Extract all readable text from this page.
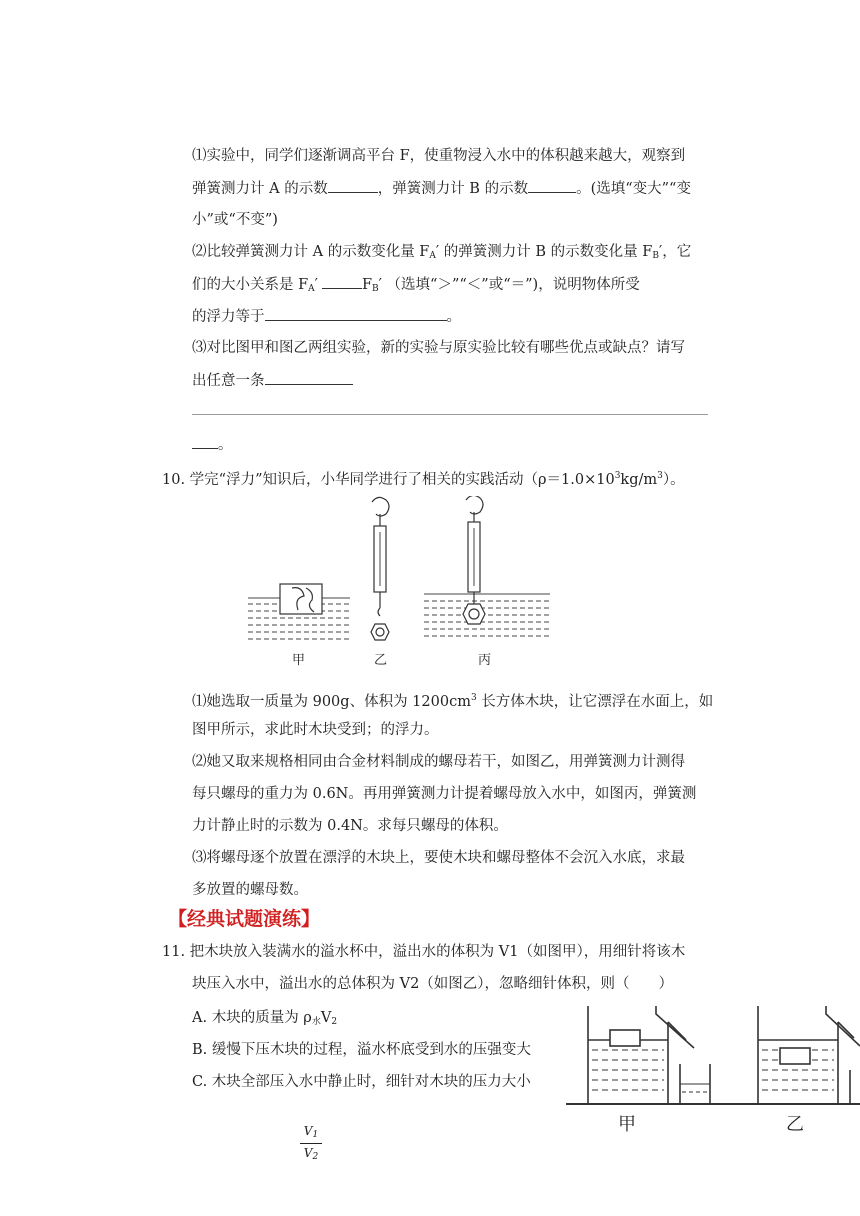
⑴实验中，同学们逐渐调高平台 F，使重物浸入水中的体积越来越大，观察到
弹簧测力计 A 的示数	，弹簧测力计 B 的示数	。(选填“变大”“变
小”或“不变”)
⑵比较弹簧测力计 A 的示数变化量 $F_A'$ 的弹簧测力计 B 的示数变化量 $F_B'$，它
们的大小关系是 $F_A'$	$F_B'$ （选填“＞”“＜”或“＝”)，说明物体所受
的浮力等于	。
⑶对比图甲和图乙两组实验，新的实验与原实验比较有哪些优点或缺点？请写
出任意一条
。
10. 学完“浮力”知识后，小华同学进行了相关的实践活动$(\rho=1.0\times 10^3kg/m^3)$。
甲	乙	丙
⑴她选取一质量为 900g、体积为 $1200cm^3$ 长方体木块，让它漂浮在水面上，如
图甲所示，求此时木块受到；的浮力。
⑵她又取来规格相同由合金材料制成的螺母若干，如图乙，用弹簧测力计测得
每只螺母的重力为 0.6N。再用弹簧测力计提着螺母放入水中，如图丙，弹簧测
力计静止时的示数为 0.4N。求每只螺母的体积。
⑶将螺母逐个放置在漂浮的木块上，要使木块和螺母整体不会沉入水底，求最
多放置的螺母数。
【经典试题演练】
11. 把木块放入装满水的溢水杯中，溢出水的体积为 V1（如图甲），用细针将该木
块压入水中，溢出水的总体积为 V2（如图乙），忽略细针体积，则（　　）
A. 木块的质量为 $\rho_水V_2$
B. 缓慢下压木块的过程，溢水杯底受到水的压强变大
C. 木块全部压入水中静止时，细针对木块的压力大小
$V_1$
$V_2$
甲	乙
